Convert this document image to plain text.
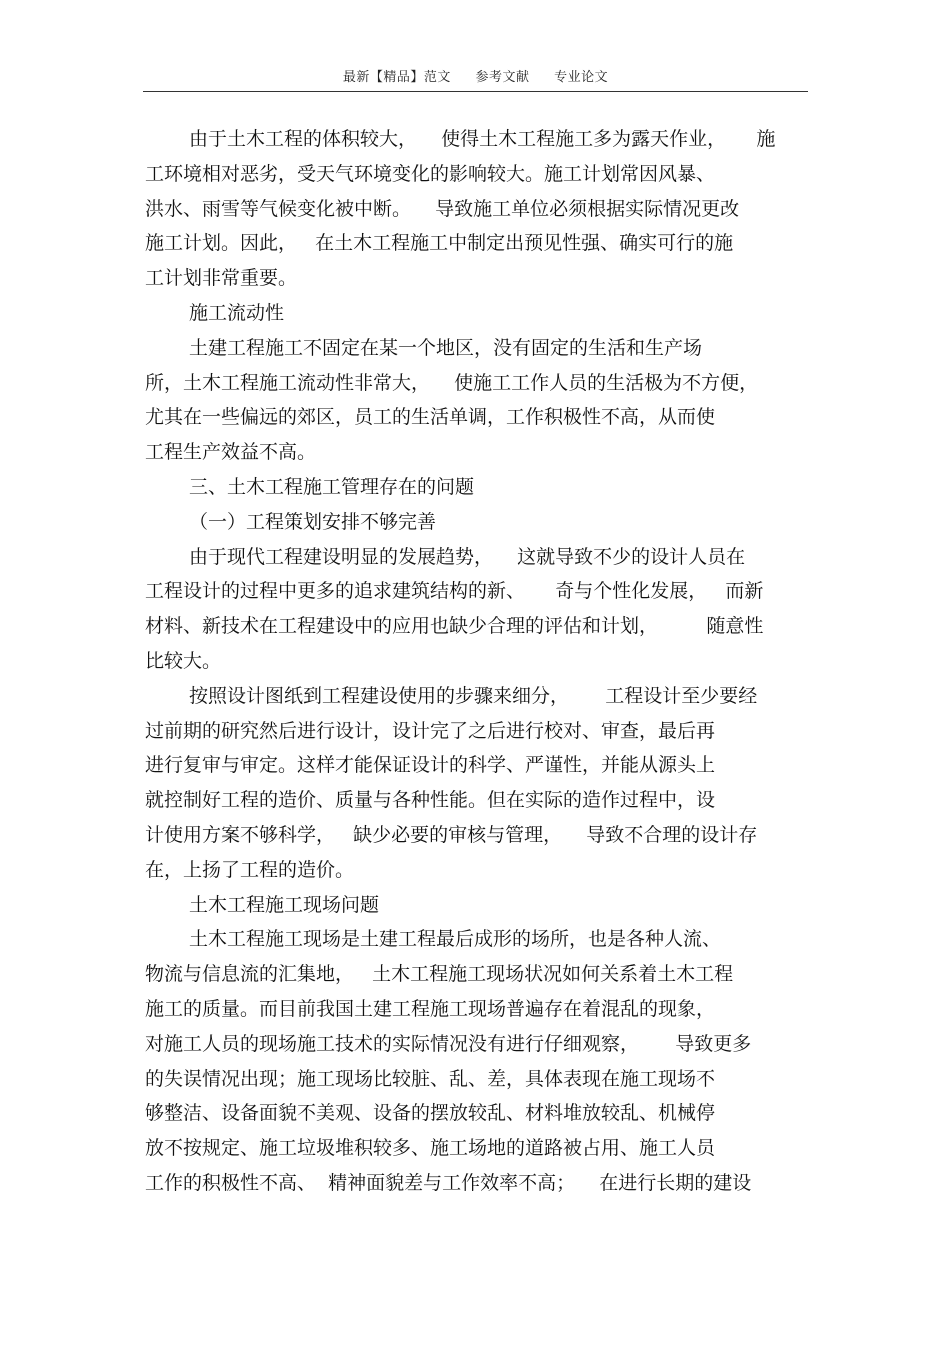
最新【精品】范文 参考文献 专业论文
由于土木工程的体积较大，    使得土木工程施工多为露天作业，     施
工环境相对恶劣，受天气环境变化的影响较大。施工计划常因风暴、
洪水、雨雪等气候变化被中断。    导致施工单位必须根据实际情况更改
施工计划。因此，   在土木工程施工中制定出预见性强、确实可行的施
工计划非常重要。
施工流动性
土建工程施工不固定在某一个地区，没有固定的生活和生产场
所，土木工程施工流动性非常大，    使施工工作人员的生活极为不方便，
尤其在一些偏远的郊区，员工的生活单调，工作积极性不高，从而使
工程生产效益不高。
三、土木工程施工管理存在的问题
（一）工程策划安排不够完善
由于现代工程建设明显的发展趋势，    这就导致不少的设计人员在
工程设计的过程中更多的追求建筑结构的新、     奇与个性化发展，   而新
材料、新技术在工程建设中的应用也缺少合理的评估和计划，        随意性
比较大。
按照设计图纸到工程建设使用的步骤来细分，      工程设计至少要经
过前期的研究然后进行设计，设计完了之后进行校对、审查，最后再
进行复审与审定。这样才能保证设计的科学、严谨性，并能从源头上
就控制好工程的造价、质量与各种性能。但在实际的造作过程中，设
计使用方案不够科学，   缺少必要的审核与管理，    导致不合理的设计存
在，上扬了工程的造价。
土木工程施工现场问题
土木工程施工现场是土建工程最后成形的场所，也是各种人流、
物流与信息流的汇集地，   土木工程施工现场状况如何关系着土木工程
施工的质量。而目前我国土建工程施工现场普遍存在着混乱的现象，
对施工人员的现场施工技术的实际情况没有进行仔细观察，      导致更多
的失误情况出现；施工现场比较脏、乱、差，具体表现在施工现场不
够整洁、设备面貌不美观、设备的摆放较乱、材料堆放较乱、机械停
放不按规定、施工垃圾堆积较多、施工场地的道路被占用、施工人员
工作的积极性不高、  精神面貌差与工作效率不高；    在进行长期的建设
